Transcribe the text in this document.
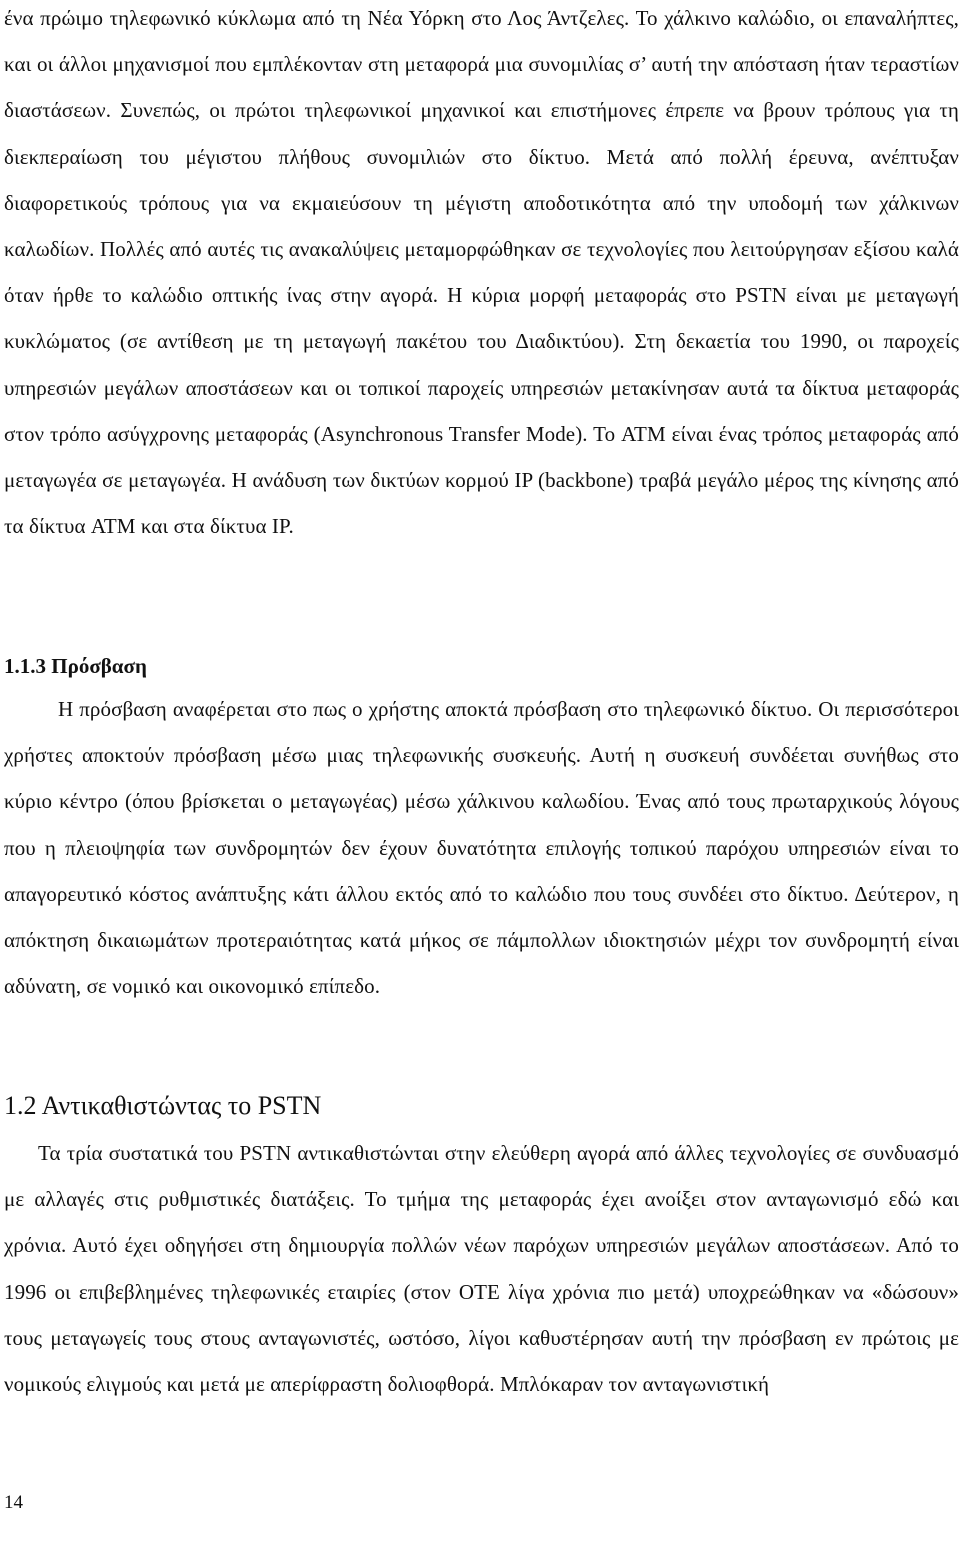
ένα πρώιμο τηλεφωνικό κύκλωμα από τη Νέα Υόρκη στο Λος Άντζελες. Το χάλκινο καλώδιο, οι επαναλήπτες, και οι άλλοι μηχανισμοί που εμπλέκονταν στη μεταφορά μια συνομιλίας σ’ αυτή την απόσταση ήταν τεραστίων διαστάσεων. Συνεπώς, οι πρώτοι τηλεφωνικοί μηχανικοί και επιστήμονες έπρεπε να βρουν τρόπους για τη διεκπεραίωση του μέγιστου πλήθους συνομιλιών στο δίκτυο. Μετά από πολλή έρευνα, ανέπτυξαν διαφορετικούς τρόπους για να εκμαιεύσουν τη μέγιστη αποδοτικότητα από την υποδομή των χάλκινων καλωδίων. Πολλές από αυτές τις ανακαλύψεις μεταμορφώθηκαν σε τεχνολογίες που λειτούργησαν εξίσου καλά όταν ήρθε το καλώδιο οπτικής ίνας στην αγορά. Η κύρια μορφή μεταφοράς στο PSTN είναι με μεταγωγή κυκλώματος (σε αντίθεση με τη μεταγωγή πακέτου του Διαδικτύου). Στη δεκαετία του 1990, οι παροχείς υπηρεσιών μεγάλων αποστάσεων και οι τοπικοί παροχείς υπηρεσιών μετακίνησαν αυτά τα δίκτυα μεταφοράς στον τρόπο ασύγχρονης μεταφοράς (Asynchronous Transfer Mode). Το ATM είναι ένας τρόπος μεταφοράς από μεταγωγέα σε μεταγωγέα. Η ανάδυση των δικτύων κορμού IP (backbone) τραβά μεγάλο μέρος της κίνησης από τα δίκτυα ATM και στα δίκτυα IP.

1.1.3 Πρόσβαση

Η πρόσβαση αναφέρεται στο πως ο χρήστης αποκτά πρόσβαση στο τηλεφωνικό δίκτυο. Οι περισσότεροι χρήστες αποκτούν πρόσβαση μέσω μιας τηλεφωνικής συσκευής. Αυτή η συσκευή συνδέεται συνήθως στο κύριο κέντρο (όπου βρίσκεται ο μεταγωγέας) μέσω χάλκινου καλωδίου. Ένας από τους πρωταρχικούς λόγους που η πλειοψηφία των συνδρομητών δεν έχουν δυνατότητα επιλογής τοπικού παρόχου υπηρεσιών είναι το απαγορευτικό κόστος ανάπτυξης κάτι άλλου εκτός από το καλώδιο που τους συνδέει στο δίκτυο. Δεύτερον, η απόκτηση δικαιωμάτων προτεραιότητας κατά μήκος σε πάμπολλων ιδιοκτησιών μέχρι τον συνδρομητή είναι αδύνατη, σε νομικό και οικονομικό επίπεδο.

1.2 Αντικαθιστώντας το PSTN

Τα τρία συστατικά του PSTN αντικαθιστώνται στην ελεύθερη αγορά από άλλες τεχνολογίες σε συνδυασμό με αλλαγές στις ρυθμιστικές διατάξεις. Το τμήμα της μεταφοράς έχει ανοίξει στον ανταγωνισμό εδώ και χρόνια. Αυτό έχει οδηγήσει στη δημιουργία πολλών νέων παρόχων υπηρεσιών μεγάλων αποστάσεων. Από το 1996 οι επιβεβλημένες τηλεφωνικές εταιρίες (στον ΟΤΕ λίγα χρόνια πιο μετά) υποχρεώθηκαν να «δώσουν» τους μεταγωγείς τους στους ανταγωνιστές, ωστόσο, λίγοι καθυστέρησαν αυτή την πρόσβαση εν πρώτοις με νομικούς ελιγμούς και μετά με απερίφραστη δολιοφθορά. Μπλόκαραν τον ανταγωνιστική

14
